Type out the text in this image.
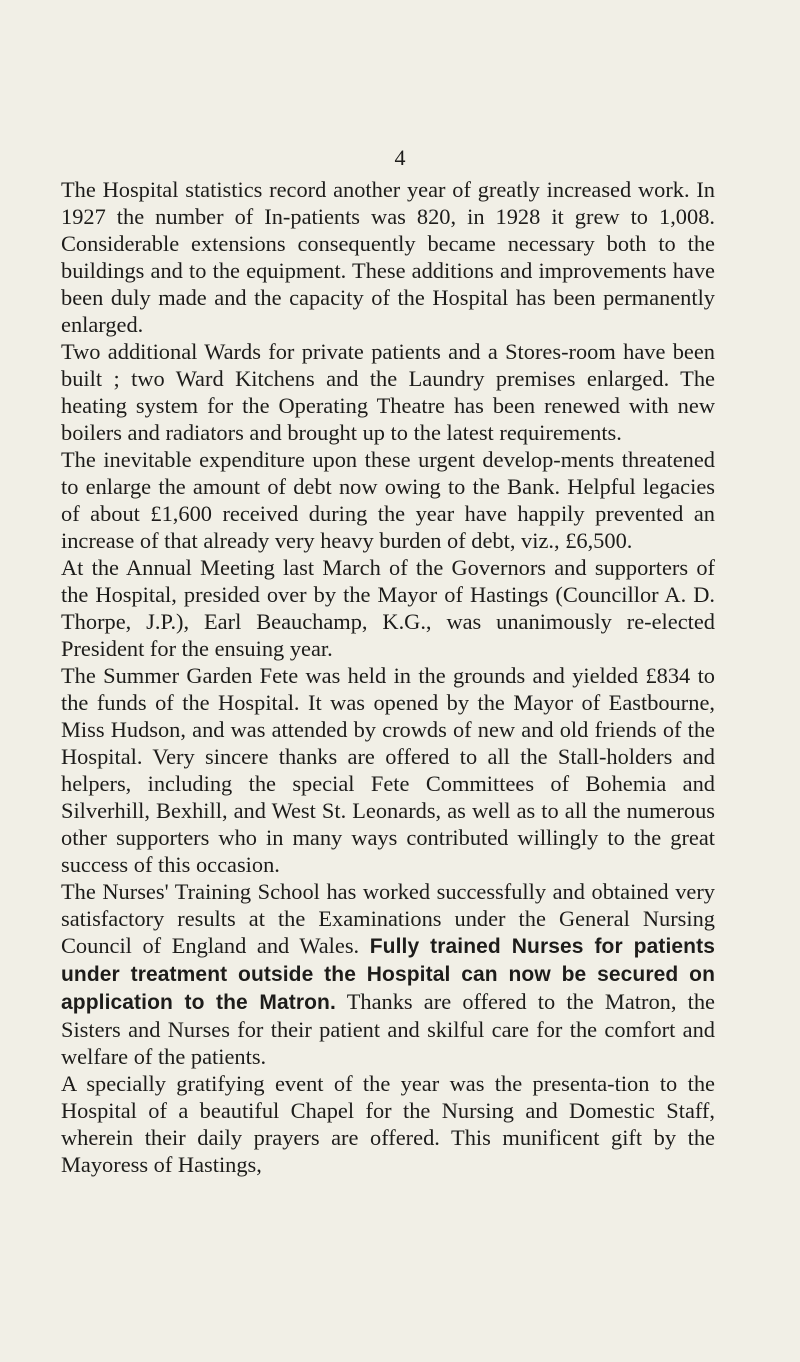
4

The Hospital statistics record another year of greatly increased work. In 1927 the number of In-patients was 820, in 1928 it grew to 1,008. Considerable extensions consequently became necessary both to the buildings and to the equipment. These additions and improvements have been duly made and the capacity of the Hospital has been permanently enlarged.

Two additional Wards for private patients and a Stores-room have been built ; two Ward Kitchens and the Laundry premises enlarged. The heating system for the Operating Theatre has been renewed with new boilers and radiators and brought up to the latest requirements.

The inevitable expenditure upon these urgent develop-ments threatened to enlarge the amount of debt now owing to the Bank. Helpful legacies of about £1,600 received during the year have happily prevented an increase of that already very heavy burden of debt, viz., £6,500.

At the Annual Meeting last March of the Governors and supporters of the Hospital, presided over by the Mayor of Hastings (Councillor A. D. Thorpe, J.P.), Earl Beauchamp, K.G., was unanimously re-elected President for the ensuing year.

The Summer Garden Fete was held in the grounds and yielded £834 to the funds of the Hospital. It was opened by the Mayor of Eastbourne, Miss Hudson, and was attended by crowds of new and old friends of the Hospital. Very sincere thanks are offered to all the Stall-holders and helpers, including the special Fete Committees of Bohemia and Silverhill, Bexhill, and West St. Leonards, as well as to all the numerous other supporters who in many ways contributed willingly to the great success of this occasion.

The Nurses' Training School has worked successfully and obtained very satisfactory results at the Examinations under the General Nursing Council of England and Wales. Fully trained Nurses for patients under treatment outside the Hospital can now be secured on application to the Matron. Thanks are offered to the Matron, the Sisters and Nurses for their patient and skilful care for the comfort and welfare of the patients.

A specially gratifying event of the year was the presenta-tion to the Hospital of a beautiful Chapel for the Nursing and Domestic Staff, wherein their daily prayers are offered. This munificent gift by the Mayoress of Hastings,
